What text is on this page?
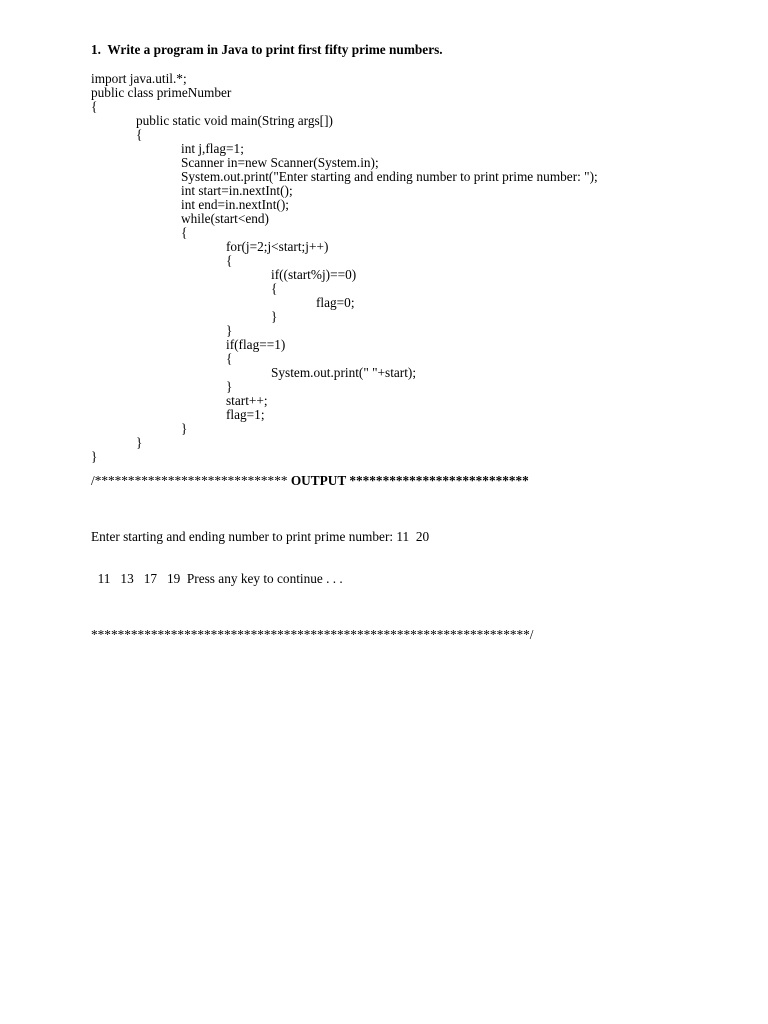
1.  Write a program in Java to print first fifty prime numbers.
import java.util.*;
public class primeNumber
{
public static void main(String args[])
{
int j,flag=1;
Scanner in=new Scanner(System.in);
System.out.print("Enter starting and ending number to print prime number: ");
int start=in.nextInt();
int end=in.nextInt();
while(start<end)
{
for(j=2;j<start;j++)
{
if((start%j)==0)
{
flag=0;
}
}
if(flag==1)
{
System.out.print(" "+start);
}
start++;
flag=1;
}
}
}
/***************************** OUTPUT ***************************

Enter starting and ending number to print prime number: 11  20

11   13   17   19  Press any key to continue . . .

******************************************************************/
